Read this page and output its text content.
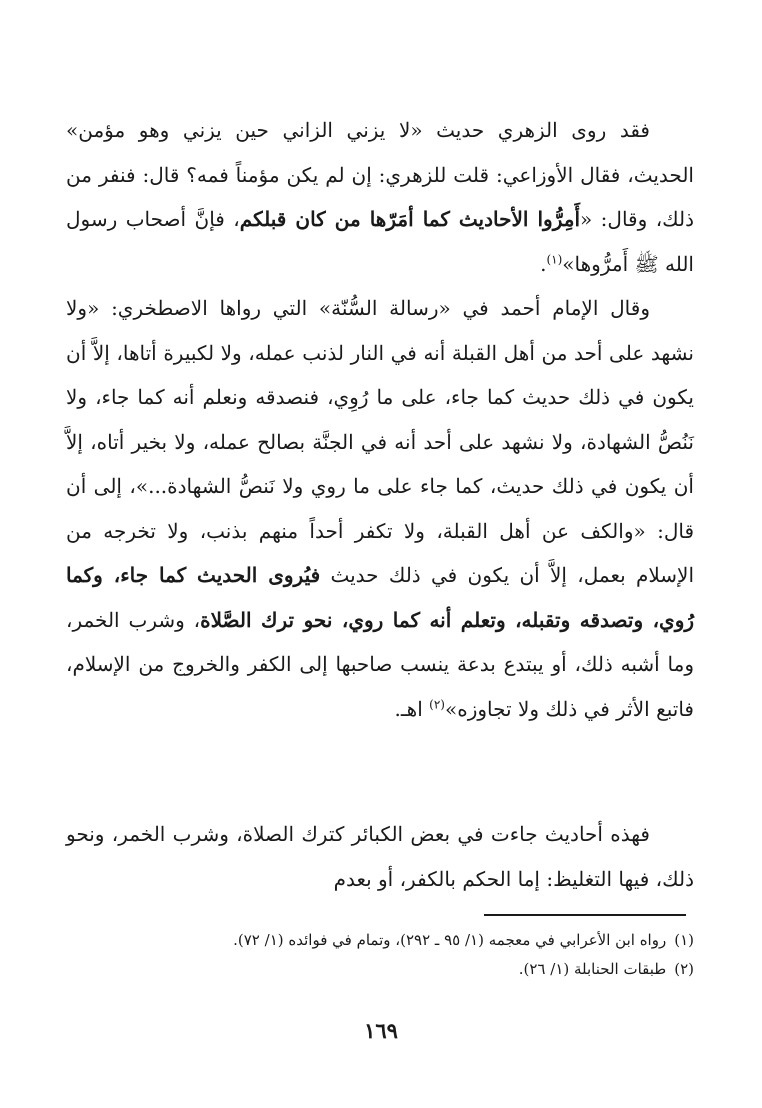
فقد روى الزهري حديث «لا يزني الزاني حين يزني وهو مؤمن» الحديث، فقال الأوزاعي: قلت للزهري: إن لم يكن مؤمناً فمه؟ قال: فنفر من ذلك، وقال: «أَمِرُّوا الأحاديث كما أمَرّها من كان قبلكم، فإنَّ أصحاب رسول الله ﷺ أَمرُّوها»$^{(١)}$.

وقال الإمام أحمد في «رسالة السُّنّة» التي رواها الاصطخري: «ولا نشهد على أحد من أهل القبلة أنه في النار لذنب عمله، ولا لكبيرة أتاها، إلاَّ أن يكون في ذلك حديث كما جاء، على ما رُوِي، فنصدقه ونعلم أنه كما جاء، ولا نَنُصُّ الشهادة، ولا نشهد على أحد أنه في الجنَّة بصالح عمله، ولا بخير أتاه، إلاَّ أن يكون في ذلك حديث، كما جاء على ما روي ولا نَنصُّ الشهادة...»، إلى أن قال: «والكف عن أهل القبلة، ولا تكفر أحداً منهم بذنب، ولا تخرجه من الإسلام بعمل، إلاَّ أن يكون في ذلك حديث فيُروى الحديث كما جاء، وكما رُوي، وتصدقه وتقبله، وتعلم أنه كما روي، نحو ترك الصَّلاة، وشرب الخمر، وما أشبه ذلك، أو يبتدع بدعة ينسب صاحبها إلى الكفر والخروج من الإسلام، فاتبع الأثر في ذلك ولا تجاوزه»$^{(٢)}$ اهـ.

فهذه أحاديث جاءت في بعض الكبائر كترك الصلاة، وشرب الخمر، ونحو ذلك، فيها التغليظ: إما الحكم بالكفر، أو بعدم

(١)رواه ابن الأعرابي في معجمه (١/ ٩٥ ـ ٢٩٢)، وتمام في فوائده (١/ ٧٢).

(٢)طبقات الحنابلة (١/ ٢٦).

١٦٩
